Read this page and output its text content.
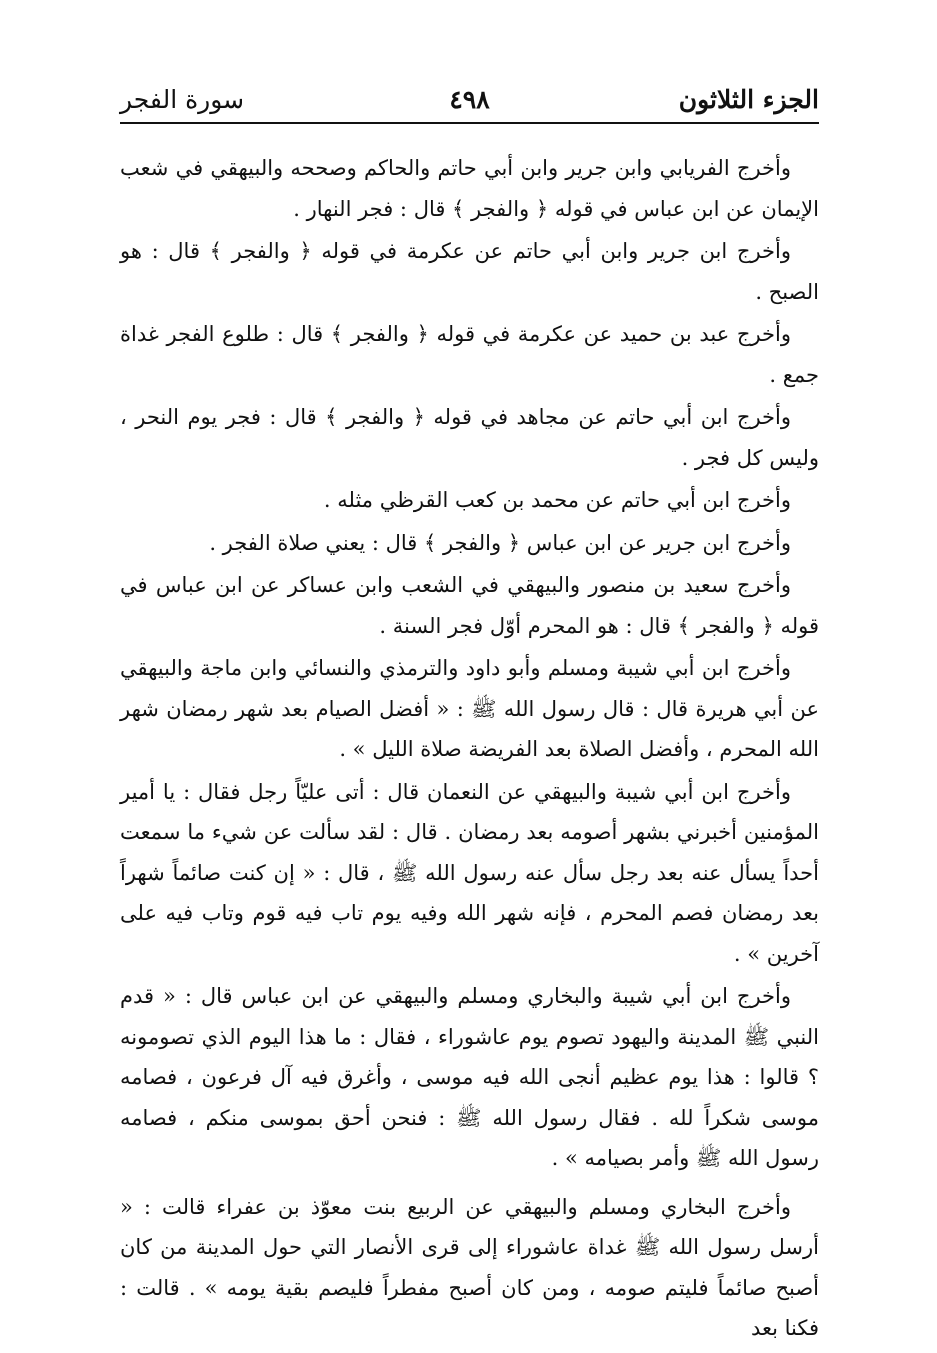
الجزء الثلاثون
٤٩٨
سورة الفجر

وأخرج الفريابي وابن جرير وابن أبي حاتم والحاكم وصححه والبيهقي في شعب الإيمان عن ابن عباس في قوله ﴿ والفجر ﴾ قال : فجر النهار .

وأخرج ابن جرير وابن أبي حاتم عن عكرمة في قوله ﴿ والفجر ﴾ قال : هو الصبح .

وأخرج عبد بن حميد عن عكرمة في قوله ﴿ والفجر ﴾ قال : طلوع الفجر غداة جمع .

وأخرج ابن أبي حاتم عن مجاهد في قوله ﴿ والفجر ﴾ قال : فجر يوم النحر ، وليس كل فجر .

وأخرج ابن أبي حاتم عن محمد بن كعب القرظي مثله .

وأخرج ابن جرير عن ابن عباس ﴿ والفجر ﴾ قال : يعني صلاة الفجر .

وأخرج سعيد بن منصور والبيهقي في الشعب وابن عساكر عن ابن عباس في قوله ﴿ والفجر ﴾ قال : هو المحرم أوّل فجر السنة .

وأخرج ابن أبي شيبة ومسلم وأبو داود والترمذي والنسائي وابن ماجة والبيهقي عن أبي هريرة قال : قال رسول الله ﷺ : « أفضل الصيام بعد شهر رمضان شهر الله المحرم ، وأفضل الصلاة بعد الفريضة صلاة الليل » .

وأخرج ابن أبي شيبة والبيهقي عن النعمان قال : أتى عليّاً رجل فقال : يا أمير المؤمنين أخبرني بشهر أصومه بعد رمضان . قال : لقد سألت عن شيء ما سمعت أحداً يسأل عنه بعد رجل سأل عنه رسول الله ﷺ ، قال : « إن كنت صائماً شهراً بعد رمضان فصم المحرم ، فإنه شهر الله وفيه يوم تاب فيه قوم وتاب فيه على آخرين » .

وأخرج ابن أبي شيبة والبخاري ومسلم والبيهقي عن ابن عباس قال : « قدم النبي ﷺ المدينة واليهود تصوم يوم عاشوراء ، فقال : ما هذا اليوم الذي تصومونه ؟ قالوا : هذا يوم عظيم أنجى الله فيه موسى ، وأغرق فيه آل فرعون ، فصامه موسى شكراً لله . فقال رسول الله ﷺ : فنحن أحق بموسى منكم ، فصامه رسول الله ﷺ وأمر بصيامه » .

وأخرج البخاري ومسلم والبيهقي عن الربيع بنت معوّذ بن عفراء قالت : « أرسل رسول الله ﷺ غداة عاشوراء إلى قرى الأنصار التي حول المدينة من كان أصبح صائماً فليتم صومه ، ومن كان أصبح مفطراً فليصم بقية يومه » . قالت : فكنا بعد
